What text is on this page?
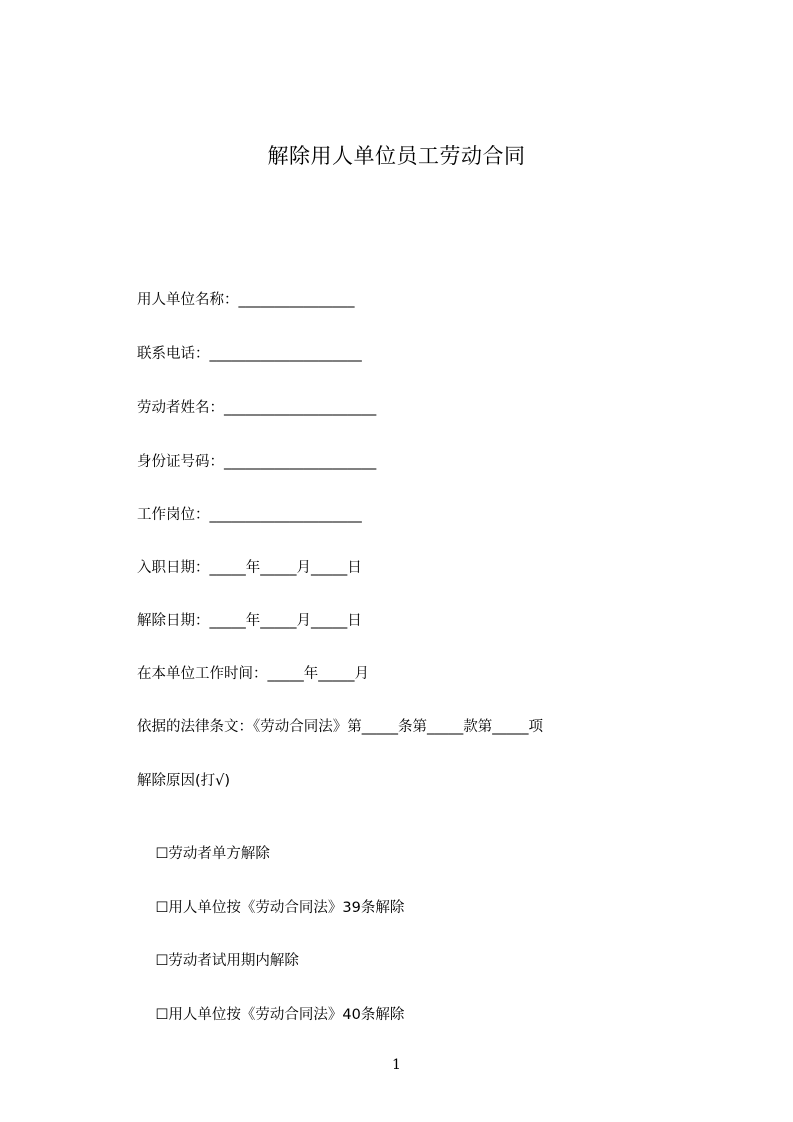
解除用人单位员工劳动合同
用人单位名称：________________
联系电话：_____________________
劳动者姓名：_____________________
身份证号码：_____________________
工作岗位：_____________________
入职日期：_____年_____月_____日
解除日期：_____年_____月_____日
在本单位工作时间：_____年_____月
依据的法律条文：《劳动合同法》第_____条第_____款第_____项
解除原因(打√)

☐劳动者单方解除

☐用人单位按《劳动合同法》39条解除

☐劳动者试用期内解除

☐用人单位按《劳动合同法》40条解除

1
